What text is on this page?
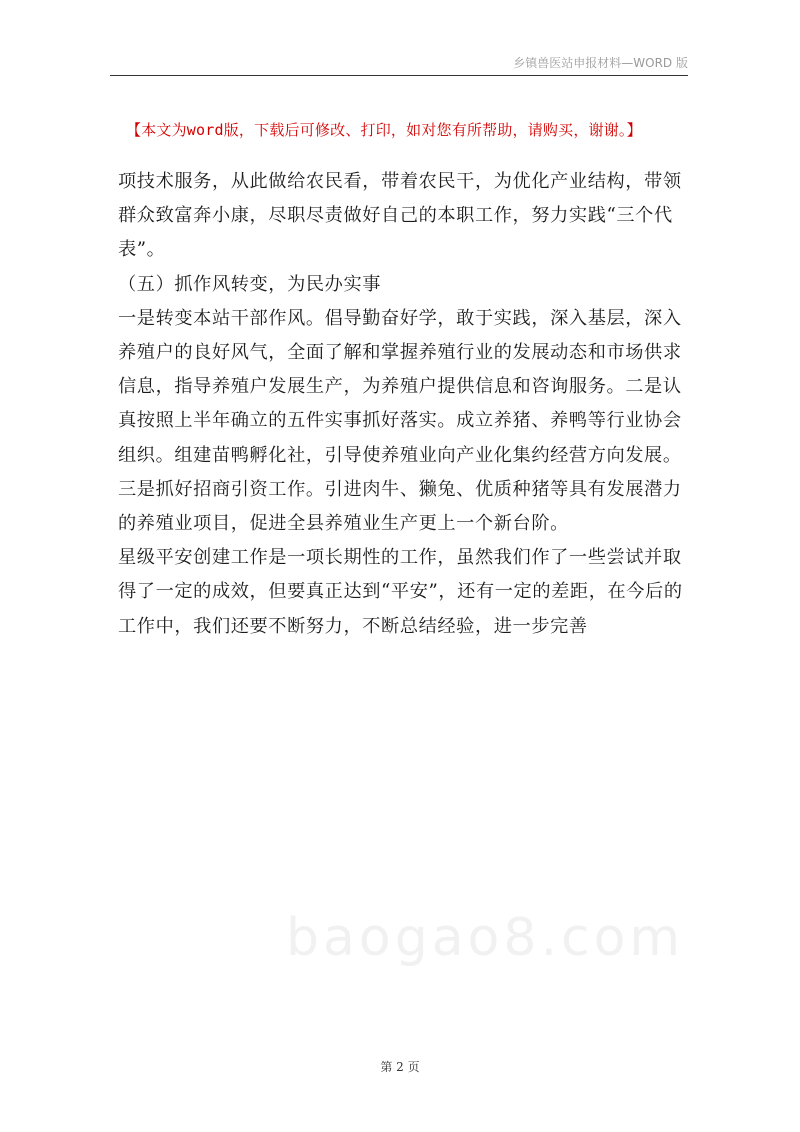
乡镇兽医站申报材料—WORD 版
【本文为word版，下载后可修改、打印，如对您有所帮助，请购买，谢谢。】

项技术服务，从此做给农民看，带着农民干，为优化产业结构，带领群众致富奔小康，尽职尽责做好自己的本职工作，努力实践“三个代表”。

（五）抓作风转变，为民办实事

一是转变本站干部作风。倡导勤奋好学，敢于实践，深入基层，深入养殖户的良好风气，全面了解和掌握养殖行业的发展动态和市场供求信息，指导养殖户发展生产，为养殖户提供信息和咨询服务。二是认真按照上半年确立的五件实事抓好落实。成立养猪、养鸭等行业协会组织。组建苗鸭孵化社，引导使养殖业向产业化集约经营方向发展。三是抓好招商引资工作。引进肉牛、獭兔、优质种猪等具有发展潜力的养殖业项目，促进全县养殖业生产更上一个新台阶。

星级平安创建工作是一项长期性的工作，虽然我们作了一些尝试并取得了一定的成效，但要真正达到“平安”，还有一定的差距，在今后的工作中，我们还要不断努力，不断总结经验，进一步完善

baogao8.com
第 2 页
